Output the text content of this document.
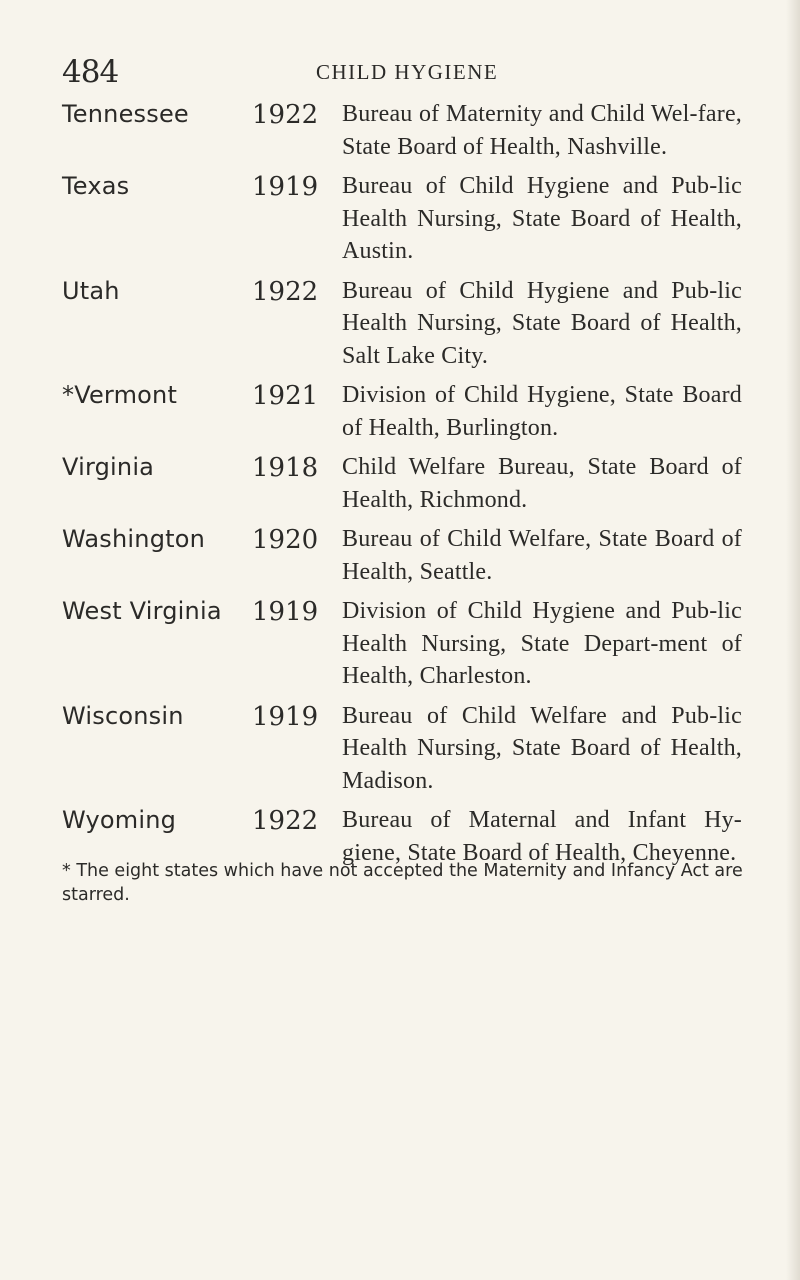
484	CHILD HYGIENE
Tennessee 1922 Bureau of Maternity and Child Wel-fare, State Board of Health, Nashville.
Texas	1919 Bureau of Child Hygiene and Pub-lic Health Nursing, State Board of Health, Austin.
Utah	1922 Bureau of Child Hygiene and Pub-lic Health Nursing, State Board of Health, Salt Lake City.
*Vermont	1921 Division of Child Hygiene, State Board of Health, Burlington.
Virginia	1918 Child Welfare Bureau, State Board of Health, Richmond.
Washington 1920 Bureau of Child Welfare, State Board of Health, Seattle.
West Virginia 1919 Division of Child Hygiene and Pub-lic Health Nursing, State Depart-ment of Health, Charleston.
Wisconsin	1919 Bureau of Child Welfare and Pub-lic Health Nursing, State Board of Health, Madison.
Wyoming	1922 Bureau of Maternal and Infant Hy-giene, State Board of Health, Cheyenne.
* The eight states which have not accepted the Maternity and Infancy Act are starred.
